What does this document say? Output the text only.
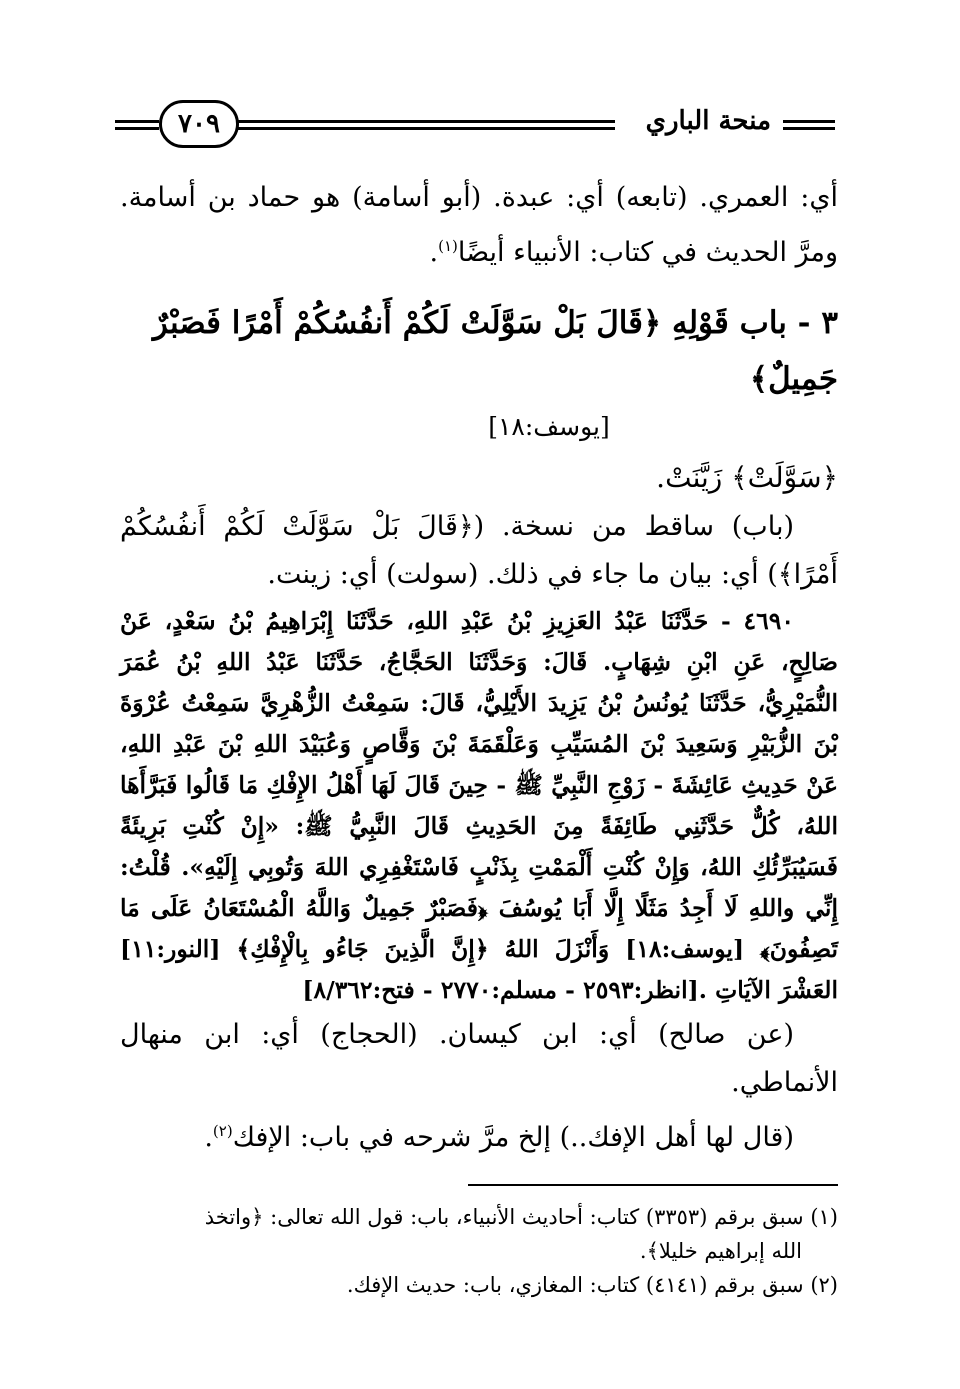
منحة الباري
٧٠٩

أي: العمري. (تابعه) أي: عبدة. (أبو أسامة) هو حماد بن أسامة. ومرَّ الحديث في كتاب: الأنبياء أيضًا$^{(١)}$.

٣ - باب قَوْلِهِ ﴿قَالَ بَلْ سَوَّلَتْ لَكُمْ أَنفُسُكُمْ أَمْرًا فَصَبْرٌ جَمِيلٌ﴾

[يوسف:١٨]

﴿سَوَّلَتْ﴾ زَيَّنَتْ.

(باب) ساقط من نسخة. (﴿قَالَ بَلْ سَوَّلَتْ لَكُمْ أَنفُسُكُمْ أَمْرًا﴾) أي: بيان ما جاء في ذلك. (سولت) أي: زينت.

٤٦٩٠ - حَدَّثَنَا عَبْدُ العَزِيزِ بْنُ عَبْدِ اللهِ، حَدَّثَنَا إِبْرَاهِيمُ بْنُ سَعْدٍ، عَنْ صَالِحٍ، عَنِ ابْنِ شِهَابٍ. قَالَ: وَحَدَّثَنَا الحَجَّاجُ، حَدَّثَنَا عَبْدُ اللهِ بْنُ عُمَرَ النُّمَيْرِيُّ، حَدَّثَنَا يُونُسُ بْنُ يَزِيدَ الأَيْلِيُّ، قَالَ: سَمِعْتُ الزُّهْرِيَّ سَمِعْتُ عُرْوَةَ بْنَ الزُّبَيْرِ وَسَعِيدَ بْنَ المُسَيِّبِ وَعَلْقَمَةَ بْنَ وَقَّاصٍ وَعُبَيْدَ اللهِ بْنَ عَبْدِ اللهِ، عَنْ حَدِيثِ عَائِشَةَ - زَوْجِ النَّبِيِّ ﷺ - حِينَ قَالَ لَهَا أَهْلُ الإِفْكِ مَا قَالُوا فَبَرَّأَهَا اللهُ، كُلٌّ حَدَّثَنِي طَائِفَةً مِنَ الحَدِيثِ قَالَ النَّبِيُّ ﷺ: «إِنْ كُنْتِ بَرِيئَةً فَسَيُبَرِّئُكِ اللهُ، وَإِنْ كُنْتِ أَلْمَمْتِ بِذَنْبٍ فَاسْتَغْفِرِي اللهَ وَتُوبِي إِلَيْهِ». قُلْتُ: إِنِّي واللهِ لَا أَجِدُ مَثَلًا إِلَّا أَبَا يُوسُفَ ﴿فَصَبْرٌ جَمِيلٌ وَاللَّهُ الْمُسْتَعَانُ عَلَى مَا تَصِفُونَ﴾ [يوسف:١٨] وَأَنْزَلَ اللهُ ﴿إِنَّ الَّذِينَ جَاءُو بِالْإِفْكِ﴾ [النور:١١] العَشْرَ الآيَاتِ .[انظر:٢٥٩٣ - مسلم:٢٧٧٠ - فتح:٨/٣٦٢]

(عن صالح) أي: ابن كيسان. (الحجاج) أي: ابن منهال الأنماطي.

(قال لها أهل الإفك..) إلخ مرَّ شرحه في باب: الإفك$^{(٢)}$.

(١) سبق برقم (٣٣٥٣) كتاب: أحاديث الأنبياء، باب: قول الله تعالى: ﴿واتخذ

الله إبراهيم خليلا﴾.

(٢) سبق برقم (٤١٤١) كتاب: المغازي، باب: حديث الإفك.
